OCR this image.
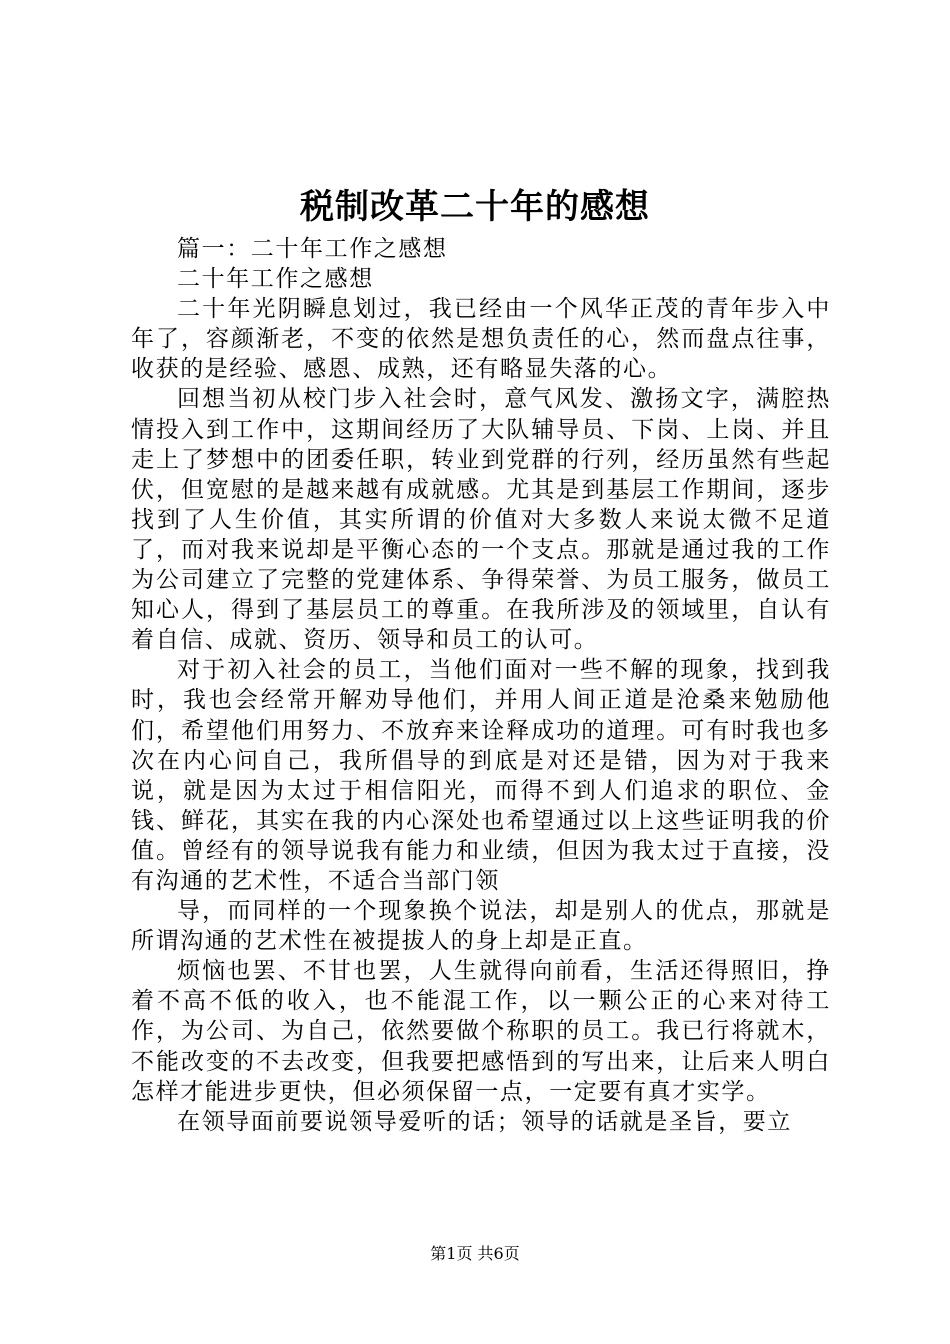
税制改革二十年的感想

篇一：二十年工作之感想

二十年工作之感想

二十年光阴瞬息划过，我已经由一个风华正茂的青年步入中年了，容颜渐老，不变的依然是想负责任的心，然而盘点往事，收获的是经验、感恩、成熟，还有略显失落的心。

回想当初从校门步入社会时，意气风发、激扬文字，满腔热情投入到工作中，这期间经历了大队辅导员、下岗、上岗、并且走上了梦想中的团委任职，转业到党群的行列，经历虽然有些起伏，但宽慰的是越来越有成就感。尤其是到基层工作期间，逐步找到了人生价值，其实所谓的价值对大多数人来说太微不足道了，而对我来说却是平衡心态的一个支点。那就是通过我的工作为公司建立了完整的党建体系、争得荣誉、为员工服务，做员工知心人，得到了基层员工的尊重。在我所涉及的领域里，自认有着自信、成就、资历、领导和员工的认可。

对于初入社会的员工，当他们面对一些不解的现象，找到我时，我也会经常开解劝导他们，并用人间正道是沧桑来勉励他们，希望他们用努力、不放弃来诠释成功的道理。可有时我也多次在内心问自己，我所倡导的到底是对还是错，因为对于我来说，就是因为太过于相信阳光，而得不到人们追求的职位、金钱、鲜花，其实在我的内心深处也希望通过以上这些证明我的价值。曾经有的领导说我有能力和业绩，但因为我太过于直接，没有沟通的艺术性，不适合当部门领

导，而同样的一个现象换个说法，却是别人的优点，那就是所谓沟通的艺术性在被提拔人的身上却是正直。

烦恼也罢、不甘也罢，人生就得向前看，生活还得照旧，挣着不高不低的收入，也不能混工作，以一颗公正的心来对待工作，为公司、为自己，依然要做个称职的员工。我已行将就木，不能改变的不去改变，但我要把感悟到的写出来，让后来人明白怎样才能进步更快，但必须保留一点，一定要有真才实学。

在领导面前要说领导爱听的话；领导的话就是圣旨，要立

第1页 共6页
